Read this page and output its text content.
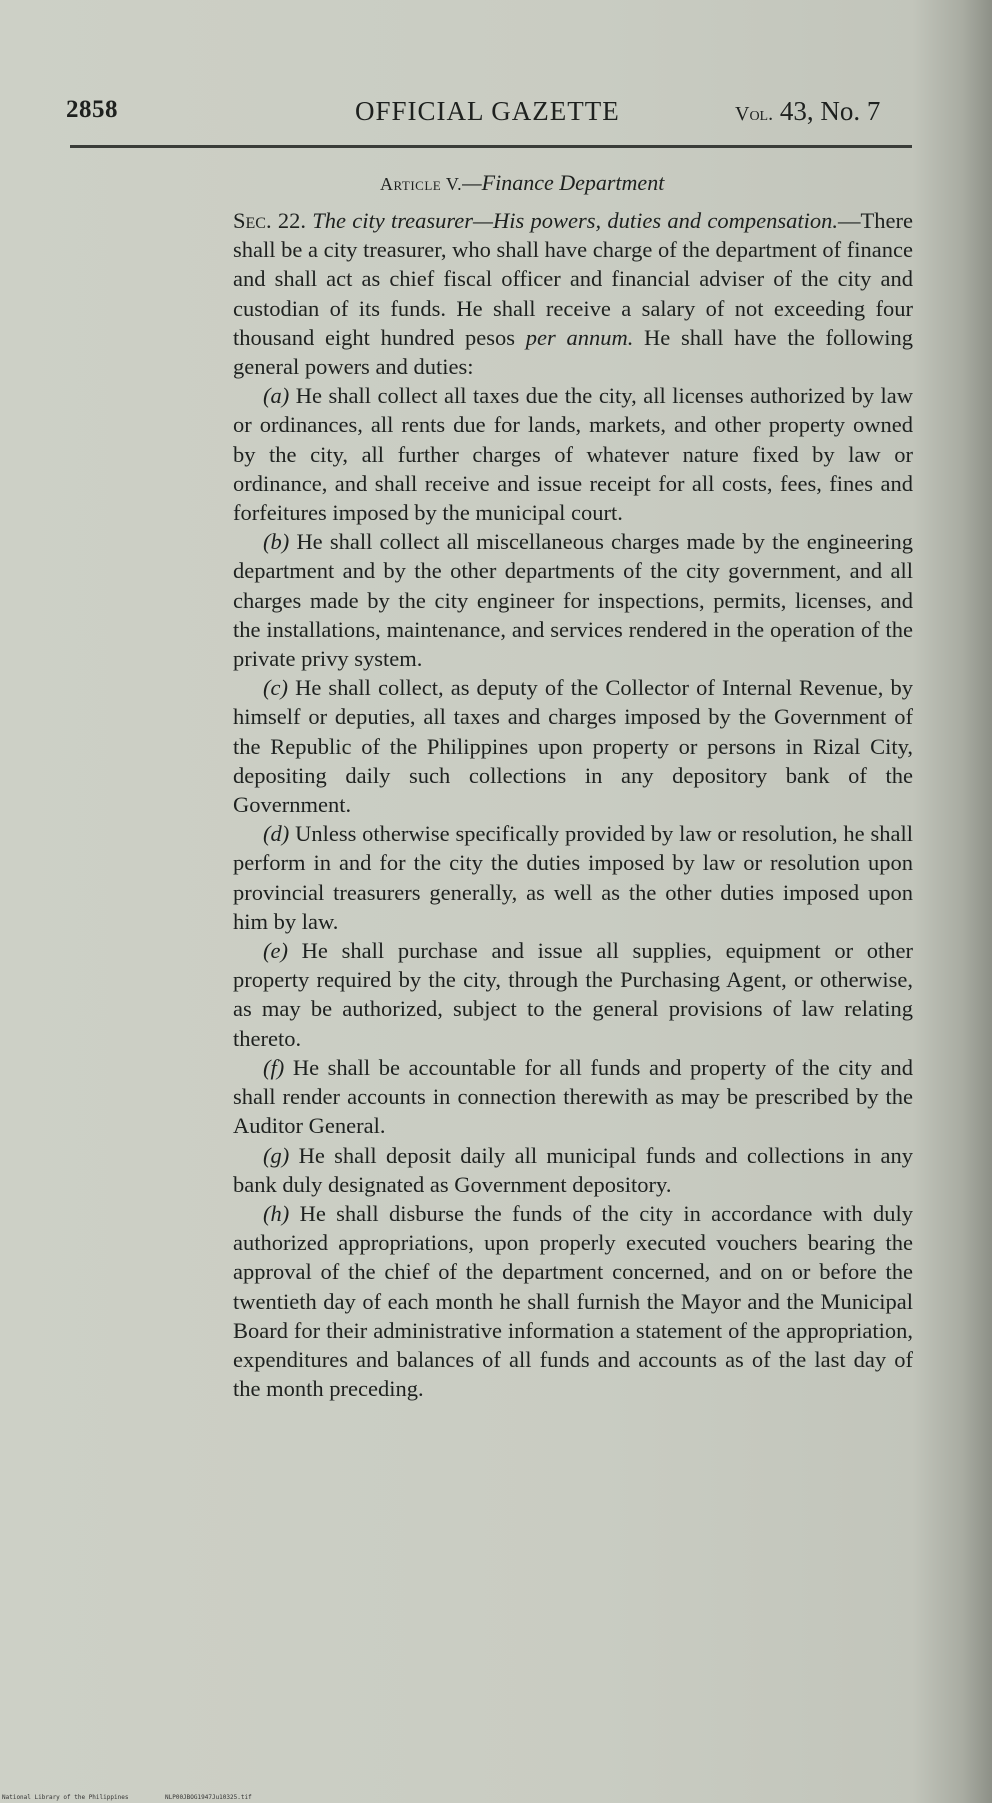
2858	OFFICIAL GAZETTE	Vol. 43, No. 7
Article V.—Finance Department

Sec. 22. The city treasurer—His powers, duties and compensation.—There shall be a city treasurer, who shall have charge of the department of finance and shall act as chief fiscal officer and financial adviser of the city and custodian of its funds. He shall receive a salary of not exceeding four thousand eight hundred pesos per annum. He shall have the following general powers and duties:

(a) He shall collect all taxes due the city, all licenses authorized by law or ordinances, all rents due for lands, markets, and other property owned by the city, all further charges of whatever nature fixed by law or ordinance, and shall receive and issue receipt for all costs, fees, fines and forfeitures imposed by the municipal court.

(b) He shall collect all miscellaneous charges made by the engineering department and by the other departments of the city government, and all charges made by the city engineer for inspections, permits, licenses, and the installations, maintenance, and services rendered in the operation of the private privy system.

(c) He shall collect, as deputy of the Collector of Internal Revenue, by himself or deputies, all taxes and charges imposed by the Government of the Republic of the Philippines upon property or persons in Rizal City, depositing daily such collections in any depository bank of the Government.

(d) Unless otherwise specifically provided by law or resolution, he shall perform in and for the city the duties imposed by law or resolution upon provincial treasurers generally, as well as the other duties imposed upon him by law.

(e) He shall purchase and issue all supplies, equipment or other property required by the city, through the Purchasing Agent, or otherwise, as may be authorized, subject to the general provisions of law relating thereto.

(f) He shall be accountable for all funds and property of the city and shall render accounts in connection therewith as may be prescribed by the Auditor General.

(g) He shall deposit daily all municipal funds and collections in any bank duly designated as Government depository.

(h) He shall disburse the funds of the city in accordance with duly authorized appropriations, upon properly executed vouchers bearing the approval of the chief of the department concerned, and on or before the twentieth day of each month he shall furnish the Mayor and the Municipal Board for their administrative information a statement of the appropriation, expenditures and balances of all funds and accounts as of the last day of the month preceding.

National Library of the Philippines	NLP00JBOG1947Ju10325.tif
